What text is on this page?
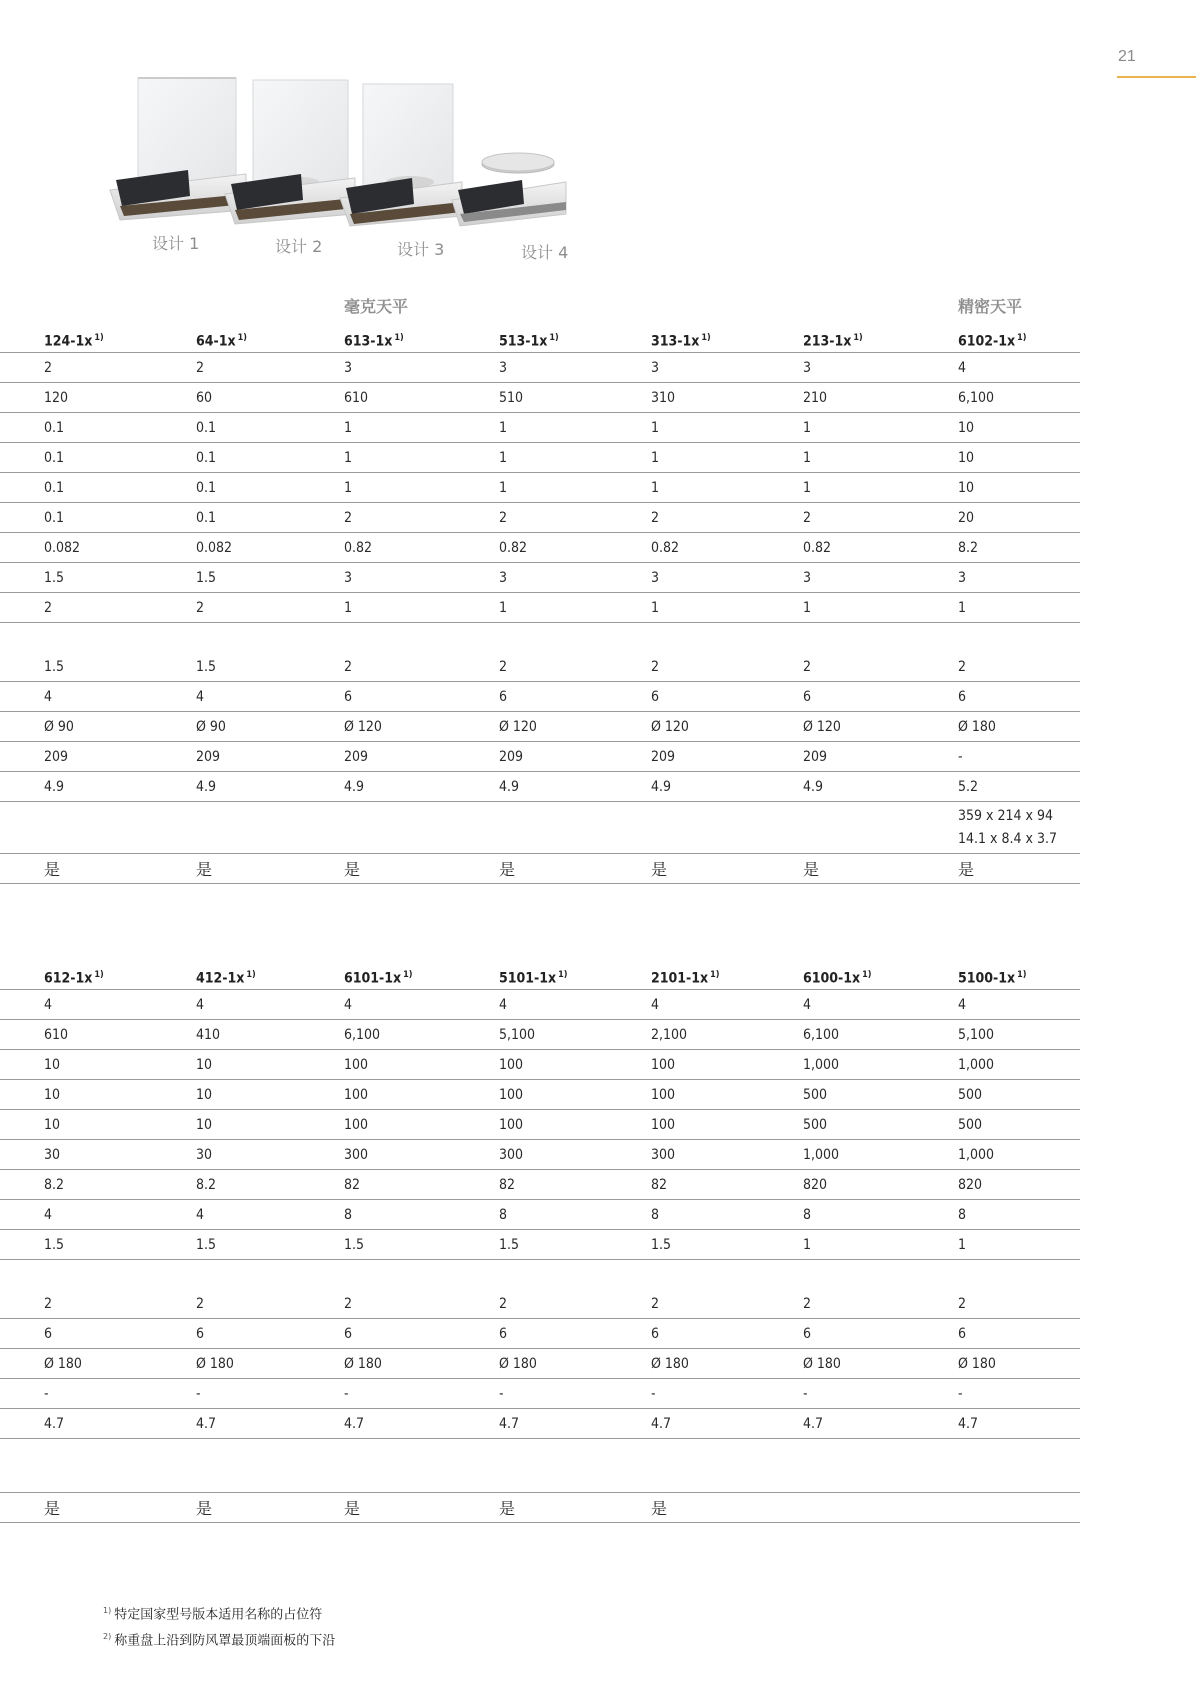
21
设计 1	设计 2	设计 3	设计 4
毫克天平	精密天平
	124-1x $^{1)}$	64-1x $^{1)}$	613-1x $^{1)}$	513-1x $^{1)}$	313-1x $^{1)}$	213-1x $^{1)}$	6102-1x $^{1)}$
	2	2	3	3	3	3	4
	120	60	610	510	310	210	6,100
	0.1	0.1	1	1	1	1	10
	0.1	0.1	1	1	1	1	10
	0.1	0.1	1	1	1	1	10
	0.1	0.1	2	2	2	2	20
	0.082	0.082	0.82	0.82	0.82	0.82	8.2
	1.5	1.5	3	3	3	3	3
	2	2	1	1	1	1	1
	1.5	1.5	2	2	2	2	2
	4	4	6	6	6	6	6
	Ø 90	Ø 90	Ø 120	Ø 120	Ø 120	Ø 120	Ø 180
	209	209	209	209	209	209	-
	4.9	4.9	4.9	4.9	4.9	4.9	5.2

							359 x 214 x 94
14.1 x 8.4 x 3.7

	是	是	是	是	是	是	是
	612-1x $^{1)}$	412-1x $^{1)}$	6101-1x $^{1)}$	5101-1x $^{1)}$	2101-1x $^{1)}$	6100-1x $^{1)}$	5100-1x $^{1)}$
	4	4	4	4	4	4	4
	610	410	6,100	5,100	2,100	6,100	5,100
	10	10	100	100	100	1,000	1,000
	10	10	100	100	100	500	500
	10	10	100	100	100	500	500
	30	30	300	300	300	1,000	1,000
	8.2	8.2	82	82	82	820	820
	4	4	8	8	8	8	8
	1.5	1.5	1.5	1.5	1.5	1	1
	2	2	2	2	2	2	2
	6	6	6	6	6	6	6
	Ø 180	Ø 180	Ø 180	Ø 180	Ø 180	Ø 180	Ø 180
	-	-	-	-	-	-	-
	4.7	4.7	4.7	4.7	4.7	4.7	4.7

	是	是	是	是	是		
$^{1)}$ 特定国家型号版本适用名称的占位符
$^{2)}$ 称重盘上沿到防风罩最顶端面板的下沿
